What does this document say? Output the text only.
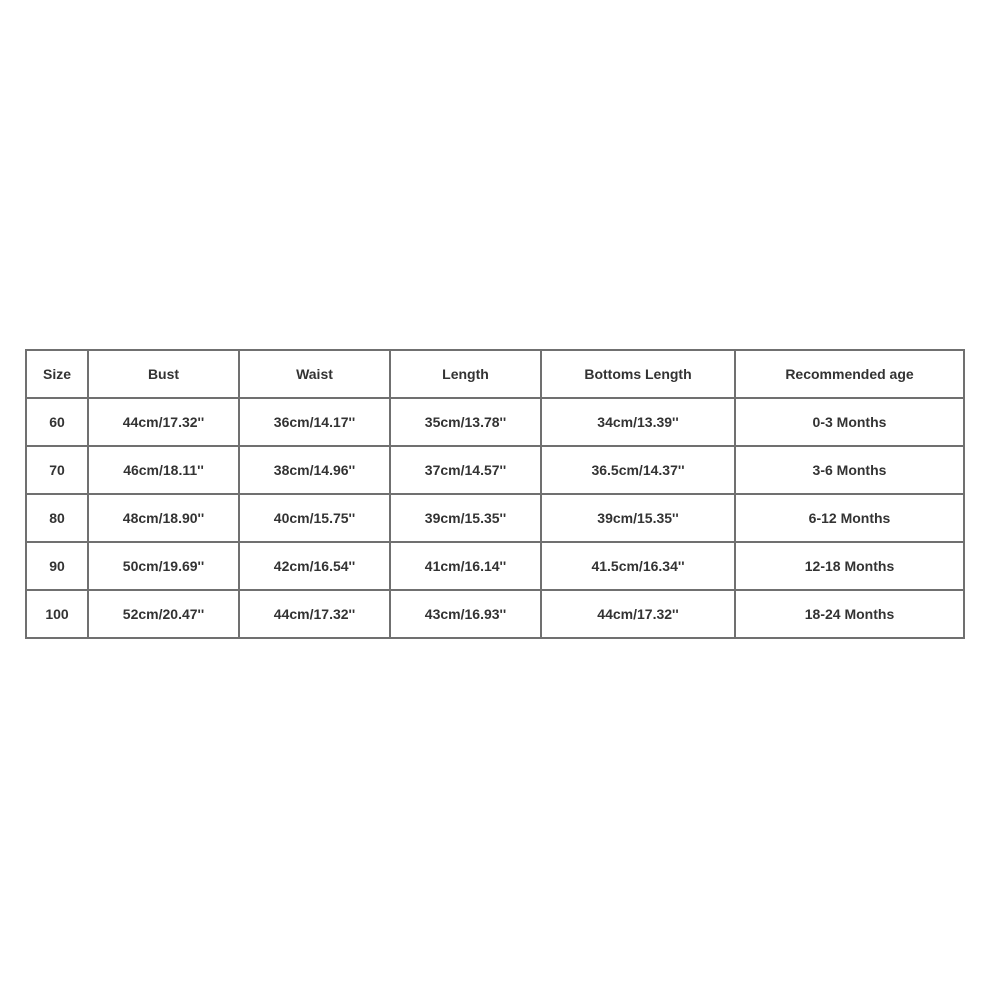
Size	Bust	Waist	Length	Bottoms Length	Recommended age
60	44cm/17.32''	36cm/14.17''	35cm/13.78''	34cm/13.39''	0-3 Months
70	46cm/18.11''	38cm/14.96''	37cm/14.57''	36.5cm/14.37''	3-6 Months
80	48cm/18.90''	40cm/15.75''	39cm/15.35''	39cm/15.35''	6-12 Months
90	50cm/19.69''	42cm/16.54''	41cm/16.14''	41.5cm/16.34''	12-18 Months
100	52cm/20.47''	44cm/17.32''	43cm/16.93''	44cm/17.32''	18-24 Months
